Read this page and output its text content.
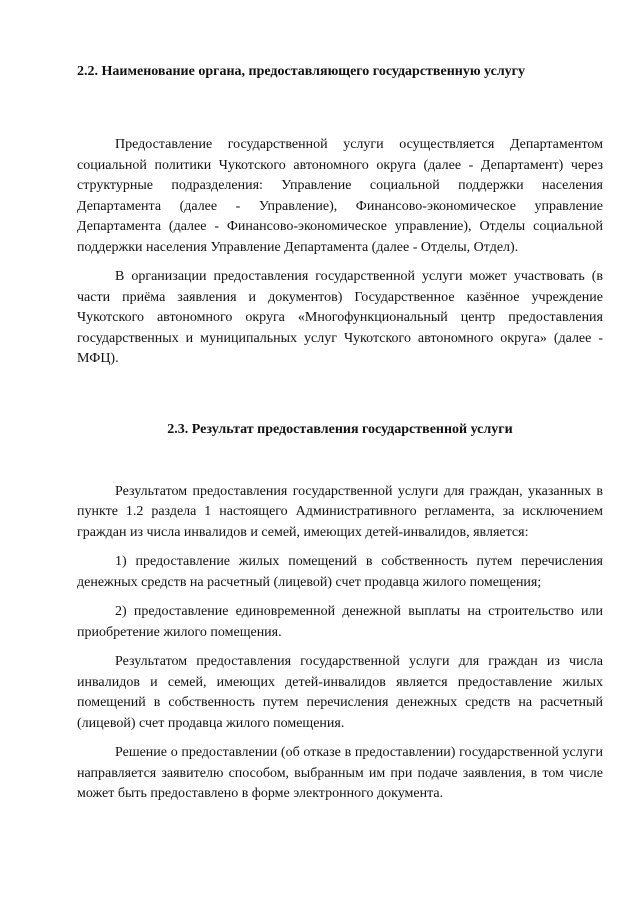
2.2. Наименование органа, предоставляющего государственную услугу

Предоставление государственной услуги осуществляется Департаментом социальной политики Чукотского автономного округа (далее - Департамент) через структурные подразделения: Управление социальной поддержки населения Департамента (далее - Управление), Финансово-экономическое управление Департамента (далее - Финансово-экономическое управление), Отделы социальной поддержки населения Управление Департамента (далее - Отделы, Отдел).

В организации предоставления государственной услуги может участвовать (в части приёма заявления и документов) Государственное казённое учреждение Чукотского автономного округа «Многофункциональный центр предоставления государственных и муниципальных услуг Чукотского автономного округа» (далее - МФЦ).

2.3. Результат предоставления государственной услуги

Результатом предоставления государственной услуги для граждан, указанных в пункте 1.2 раздела 1 настоящего Административного регламента, за исключением граждан из числа инвалидов и семей, имеющих детей-инвалидов, является:

1) предоставление жилых помещений в собственность путем перечисления денежных средств на расчетный (лицевой) счет продавца жилого помещения;

2) предоставление единовременной денежной выплаты на строительство или приобретение жилого помещения.

Результатом предоставления государственной услуги для граждан из числа инвалидов и семей, имеющих детей-инвалидов является предоставление жилых помещений в собственность путем перечисления денежных средств на расчетный (лицевой) счет продавца жилого помещения.

Решение о предоставлении (об отказе в предоставлении) государственной услуги направляется заявителю способом, выбранным им при подаче заявления, в том числе может быть предоставлено в форме электронного документа.
